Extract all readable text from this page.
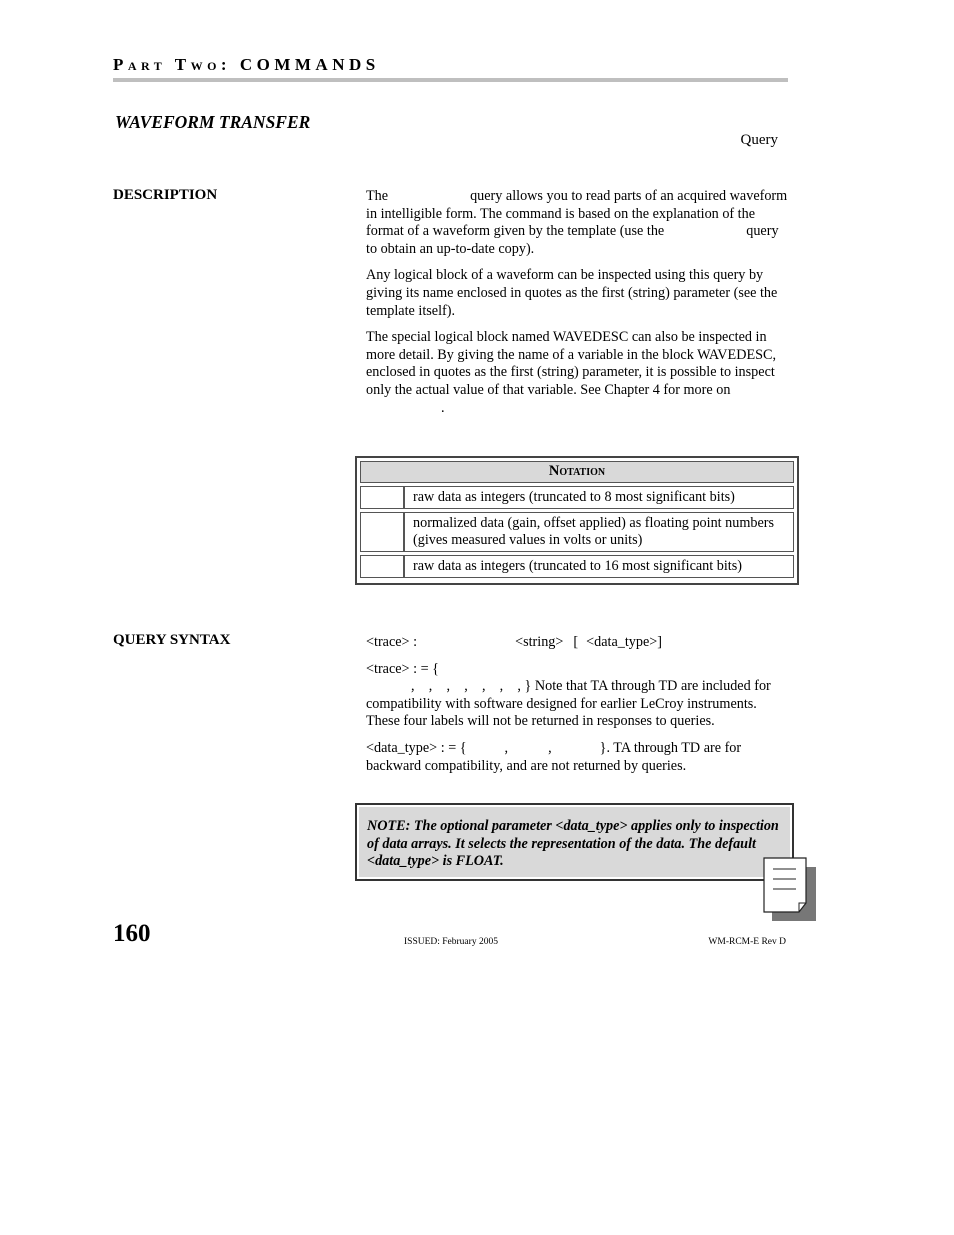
Part Two: COMMANDS
WAVEFORM TRANSFER
Query
DESCRIPTION	The	query allows you to read parts of an acquired waveform in intelligible form. The command is based on the explanation of the format of a waveform given by the template (use the	query to obtain an up-to-date copy).

Any logical block of a waveform can be inspected using this query by giving its name enclosed in quotes as the first (string) parameter (see the template itself).

The special logical block named WAVEDESC can also be inspected in more detail. By giving the name of a variable in the block WAVEDESC, enclosed in quotes as the first (string) parameter, it is possible to inspect only the actual value of that variable. See Chapter 4 for more on.

Notation	
	raw data as integers (truncated to 8 most significant bits)
	normalized data (gain, offset applied) as floating point numbers (gives measured values in volts or units)
	raw data as integers (truncated to 16 most significant bits)
QUERY SYNTAX	<trace> :	<string> [ <data_type>]

<trace> : = {
,    ,    ,    ,    ,    ,    , } Note that TA through TD are included for compatibility with software designed for earlier LeCroy instruments. These four labels will not be returned in responses to queries.

<data_type> : = {	,	,	}. TA through TD are for backward compatibility, and are not returned by queries.

NOTE: The optional parameter <data_type> applies only to inspection of data arrays. It selects the representation of the data. The default <data_type> is FLOAT.
160	ISSUED: February 2005	WM-RCM-E Rev D
